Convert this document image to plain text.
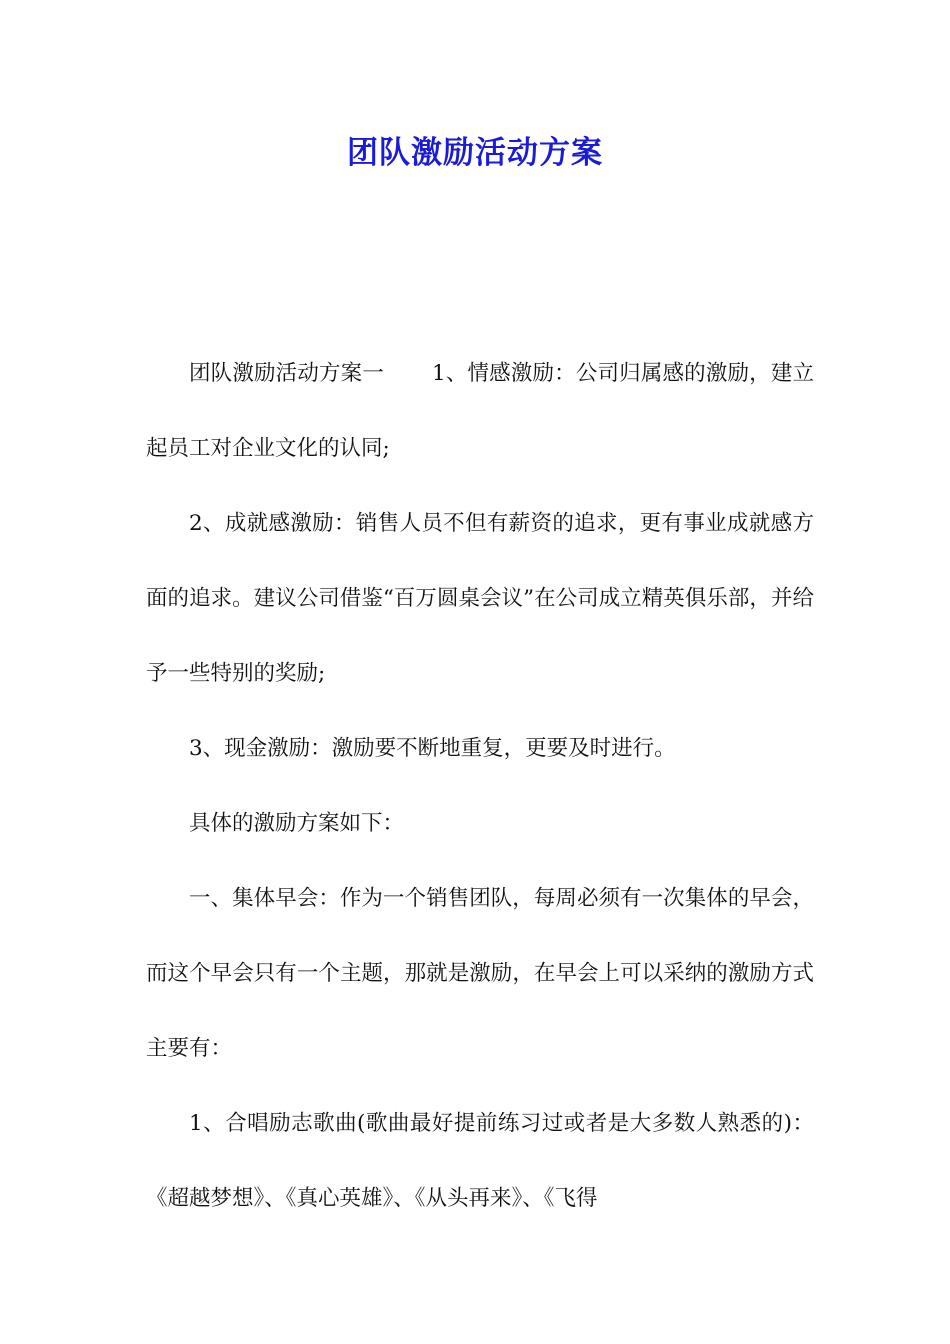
团队激励活动方案

团队激励活动方案一 1、情感激励：公司归属感的激励，建立起员工对企业文化的认同;

2、成就感激励：销售人员不但有薪资的追求，更有事业成就感方面的追求。建议公司借鉴“百万圆桌会议”在公司成立精英俱乐部，并给予一些特别的奖励;

3、现金激励：激励要不断地重复，更要及时进行。

具体的激励方案如下：

一、集体早会：作为一个销售团队，每周必须有一次集体的早会，而这个早会只有一个主题，那就是激励，在早会上可以采纳的激励方式主要有：

1、合唱励志歌曲(歌曲最好提前练习过或者是大多数人熟悉的)：《超越梦想》、《真心英雄》、《从头再来》、《飞得
